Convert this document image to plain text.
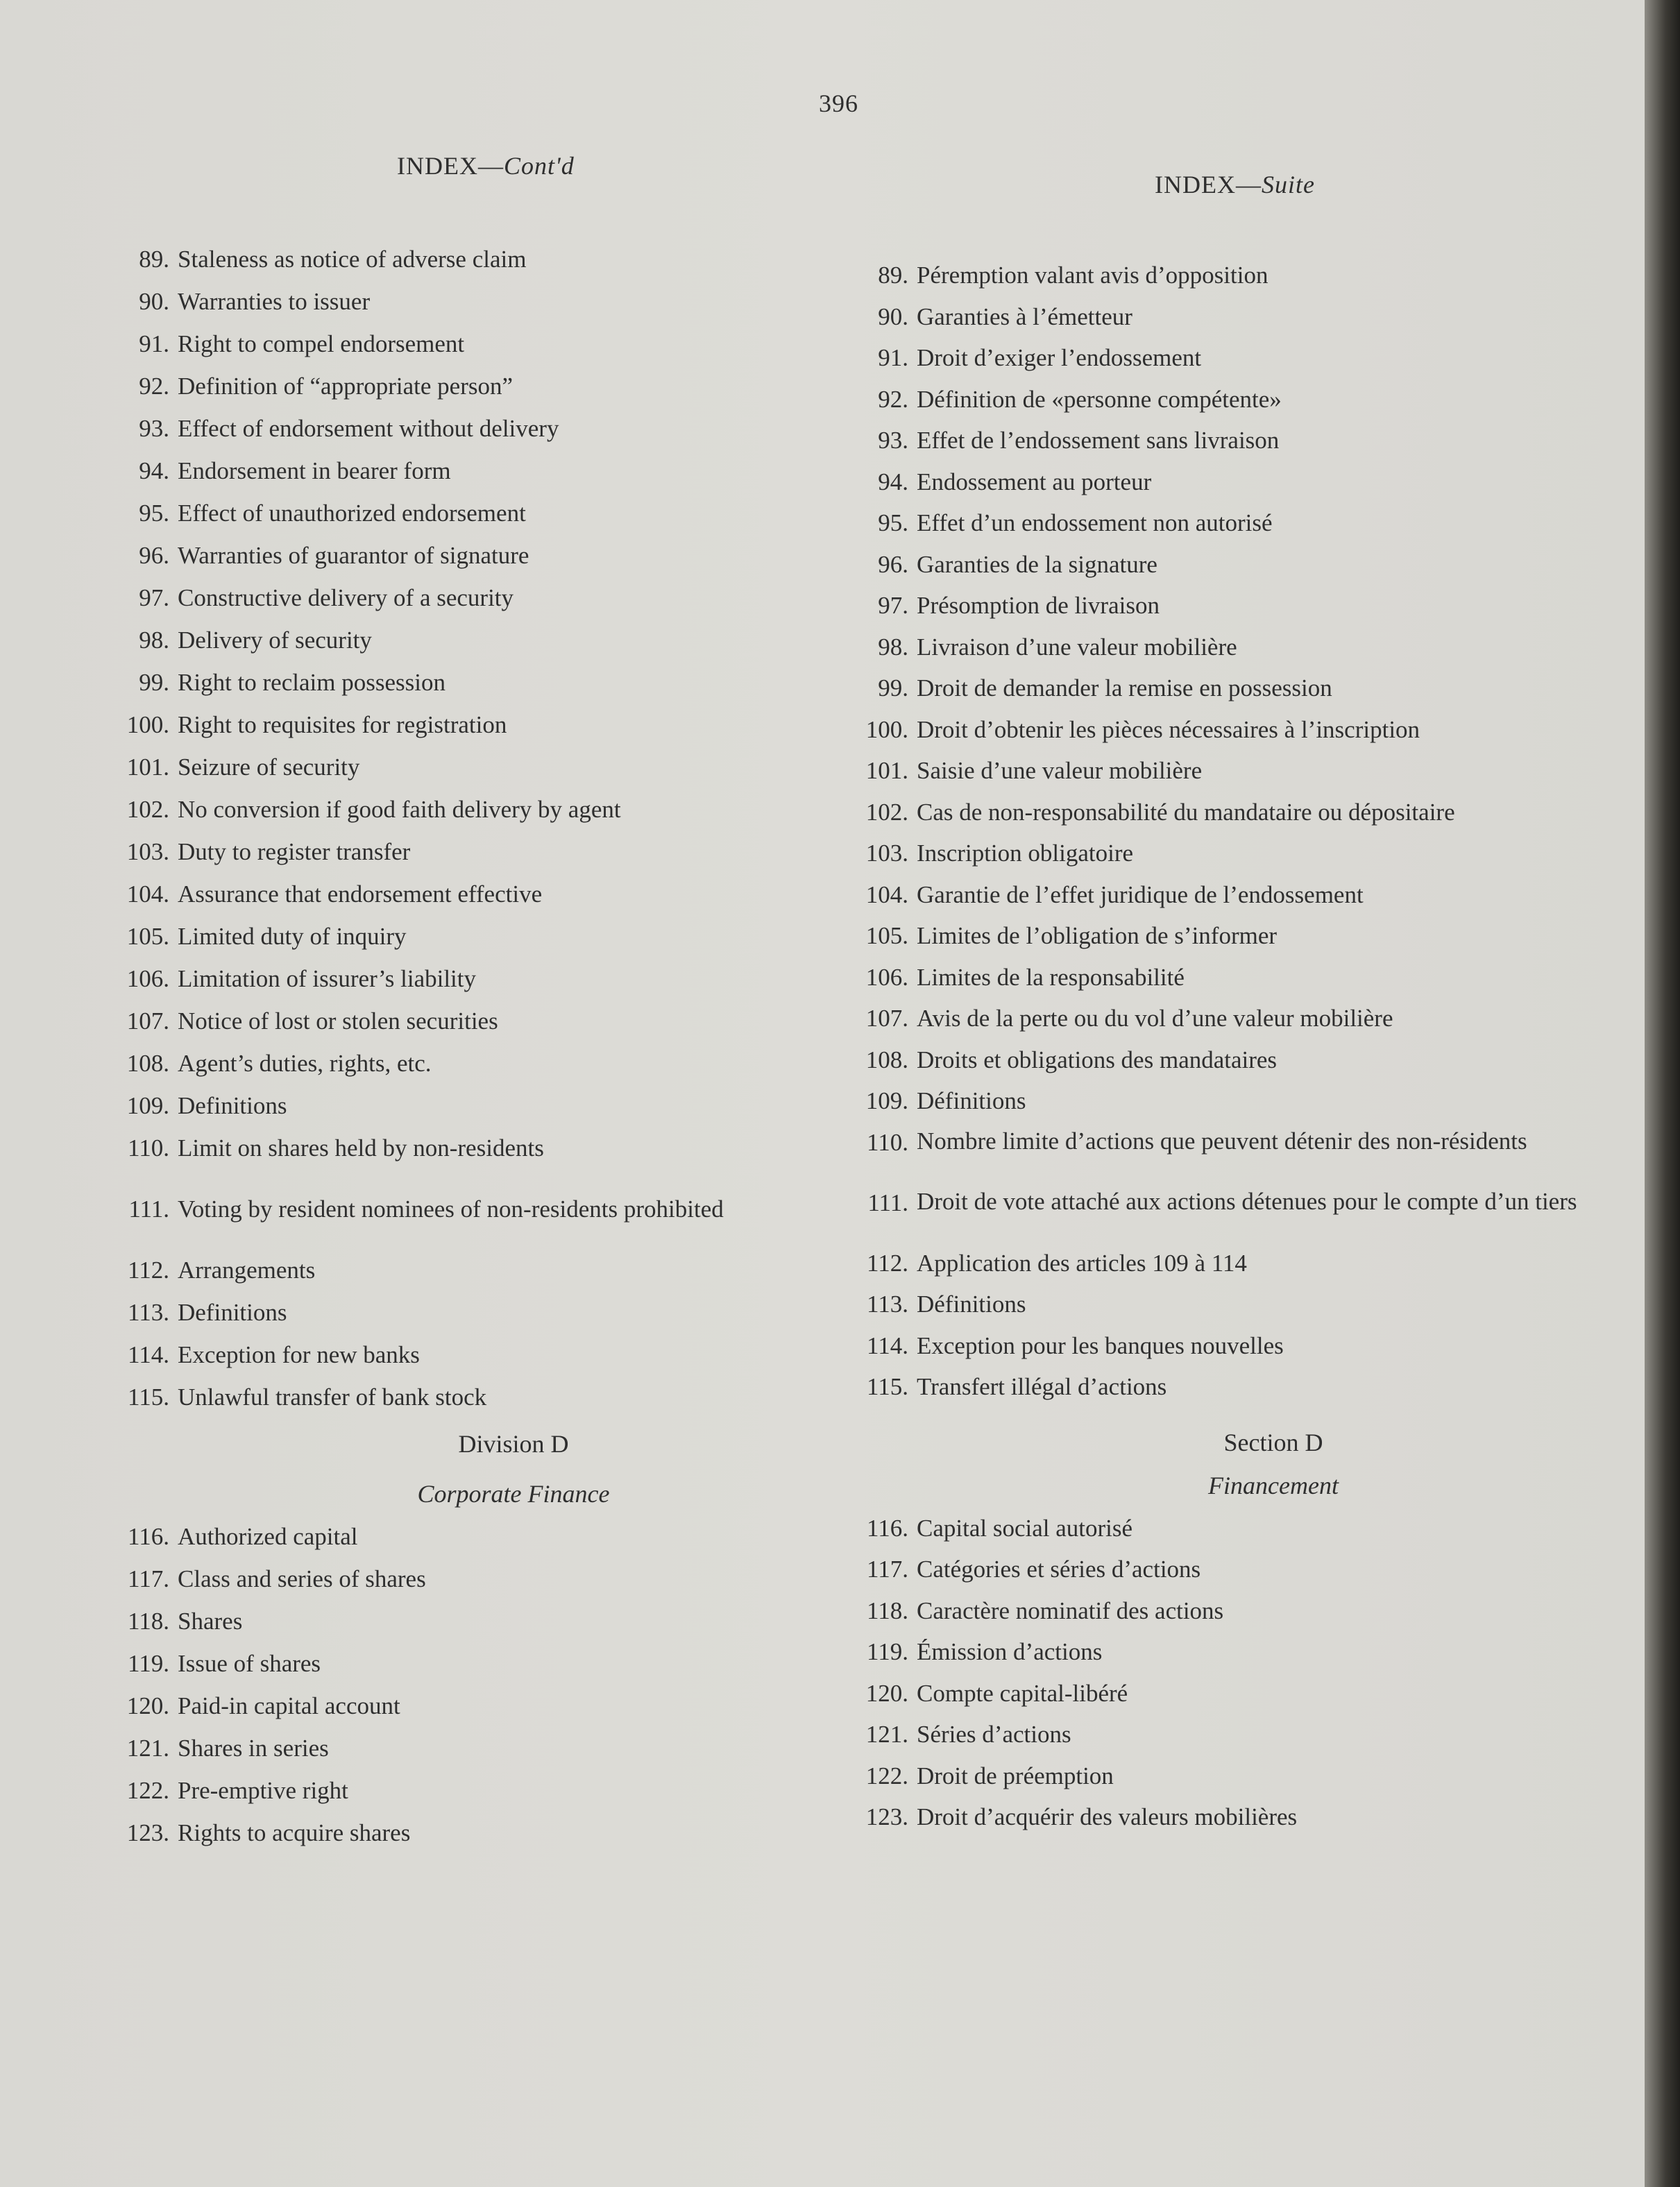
396
INDEX—Cont'd
INDEX—Suite
89. Staleness as notice of adverse claim
90. Warranties to issuer
91. Right to compel endorsement
92. Definition of “appropriate person”
93. Effect of endorsement without delivery
94. Endorsement in bearer form
95. Effect of unauthorized endorsement
96. Warranties of guarantor of signature
97. Constructive delivery of a security
98. Delivery of security
99. Right to reclaim possession
100. Right to requisites for registration
101. Seizure of security
102. No conversion if good faith delivery by agent
103. Duty to register transfer
104. Assurance that endorsement effective
105. Limited duty of inquiry
106. Limitation of issurer’s liability
107. Notice of lost or stolen securities
108. Agent’s duties, rights, etc.
109. Definitions
110. Limit on shares held by non-residents
111. Voting by resident nominees of non-residents prohibited
112. Arrangements
113. Definitions
114. Exception for new banks
115. Unlawful transfer of bank stock
Division D
Corporate Finance
116. Authorized capital
117. Class and series of shares
118. Shares
119. Issue of shares
120. Paid-in capital account
121. Shares in series
122. Pre-emptive right
123. Rights to acquire shares
89. Péremption valant avis d’opposition
90. Garanties à l’émetteur
91. Droit d’exiger l’endossement
92. Définition de «personne compétente»
93. Effet de l’endossement sans livraison
94. Endossement au porteur
95. Effet d’un endossement non autorisé
96. Garanties de la signature
97. Présomption de livraison
98. Livraison d’une valeur mobilière
99. Droit de demander la remise en possession
100. Droit d’obtenir les pièces nécessaires à l’inscription
101. Saisie d’une valeur mobilière
102. Cas de non-responsabilité du mandataire ou dépositaire
103. Inscription obligatoire
104. Garantie de l’effet juridique de l’endossement
105. Limites de l’obligation de s’informer
106. Limites de la responsabilité
107. Avis de la perte ou du vol d’une valeur mobilière
108. Droits et obligations des mandataires
109. Définitions
110. Nombre limite d’actions que peuvent détenir des non-résidents
111. Droit de vote attaché aux actions détenues pour le compte d’un tiers
112. Application des articles 109 à 114
113. Définitions
114. Exception pour les banques nouvelles
115. Transfert illégal d’actions
Section D
Financement
116. Capital social autorisé
117. Catégories et séries d’actions
118. Caractère nominatif des actions
119. Émission d’actions
120. Compte capital-libéré
121. Séries d’actions
122. Droit de préemption
123. Droit d’acquérir des valeurs mobilières
